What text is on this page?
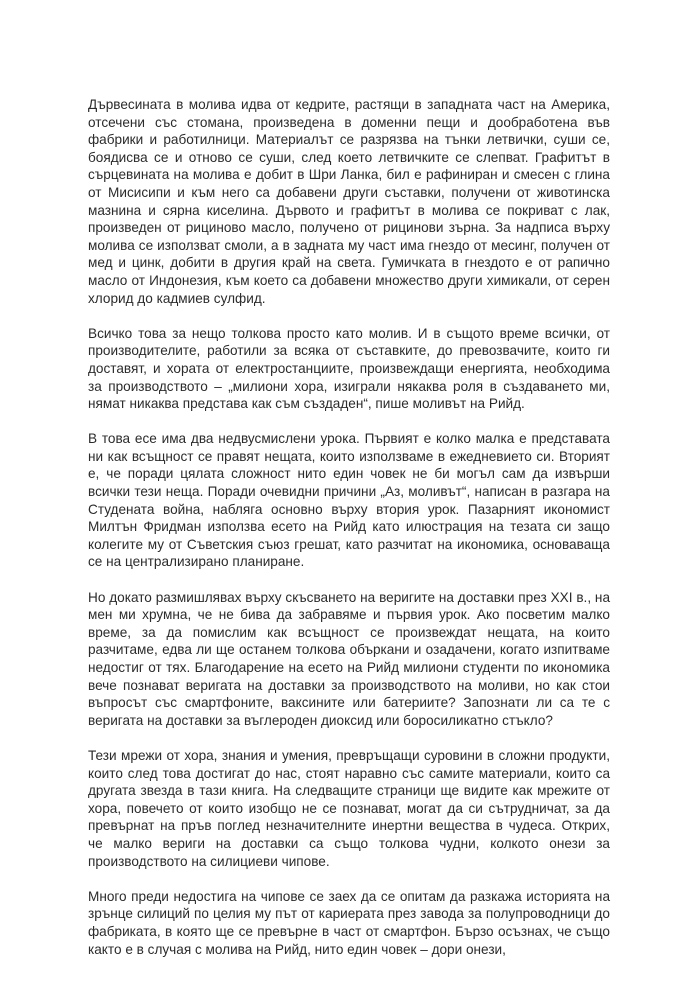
Дървесината в молива идва от кедрите, растящи в западната част на Америка, отсечени със стомана, произведена в доменни пещи и дообработена във фабрики и работилници. Материалът се разрязва на тънки летвички, суши се, боядисва се и отново се суши, след което летвичките се слепват. Графитът в сърцевината на молива е добит в Шри Ланка, бил е рафиниран и смесен с глина от Мисисипи и към него са добавени други съставки, получени от животинска мазнина и сярна киселина. Дървото и графитът в молива се покриват с лак, произведен от рициново масло, получено от рицинови зърна. За надписа върху молива се използват смоли, а в задната му част има гнездо от месинг, получен от мед и цинк, добити в другия край на света. Гумичката в гнездото е от рапично масло от Индонезия, към което са добавени множество други химикали, от серен хлорид до кадмиев сулфид.

Всичко това за нещо толкова просто като молив. И в същото време всички, от производителите, работили за всяка от съставките, до превозвачите, които ги доставят, и хората от електростанциите, произвеждащи енергията, необходима за производството – „милиони хора, изиграли някаква роля в създаването ми, нямат никаква представа как съм създаден“, пише моливът на Рийд.

В това есе има два недвусмислени урока. Първият е колко малка е представата ни как всъщност се правят нещата, които използваме в ежедневието си. Вторият е, че поради цялата сложност нито един човек не би могъл сам да извърши всички тези неща. Поради очевидни причини „Аз, моливът“, написан в разгара на Студената война, набляга основно върху втория урок. Пазарният икономист Милтън Фридман използва есето на Рийд като илюстрация на тезата си защо колегите му от Съветския съюз грешат, като разчитат на икономика, основаваща се на централизирано планиране.

Но докато размишлявах върху скъсването на веригите на доставки през XXI в., на мен ми хрумна, че не бива да забравяме и първия урок. Ако посветим малко време, за да помислим как всъщност се произвеждат нещата, на които разчитаме, едва ли ще останем толкова объркани и озадачени, когато изпитваме недостиг от тях. Благодарение на есето на Рийд милиони студенти по икономика вече познават веригата на доставки за производството на моливи, но как стои въпросът със смартфоните, ваксините или батериите? Запознати ли са те с веригата на доставки за въглероден диоксид или боросиликатно стъкло?

Тези мрежи от хора, знания и умения, превръщащи суровини в сложни продукти, които след това достигат до нас, стоят наравно със самите материали, които са другата звезда в тази книга. На следващите страници ще видите как мрежите от хора, повечето от които изобщо не се познават, могат да си сътрудничат, за да превърнат на пръв поглед незначителните инертни вещества в чудеса. Открих, че малко вериги на доставки са също толкова чудни, колкото онези за производството на силициеви чипове.

Много преди недостига на чипове се заех да се опитам да разкажа историята на зрънце силиций по целия му път от кариерата през завода за полупроводници до фабриката, в която ще се превърне в част от смартфон. Бързо осъзнах, че също както е в случая с молива на Рийд, нито един човек – дори онези,
